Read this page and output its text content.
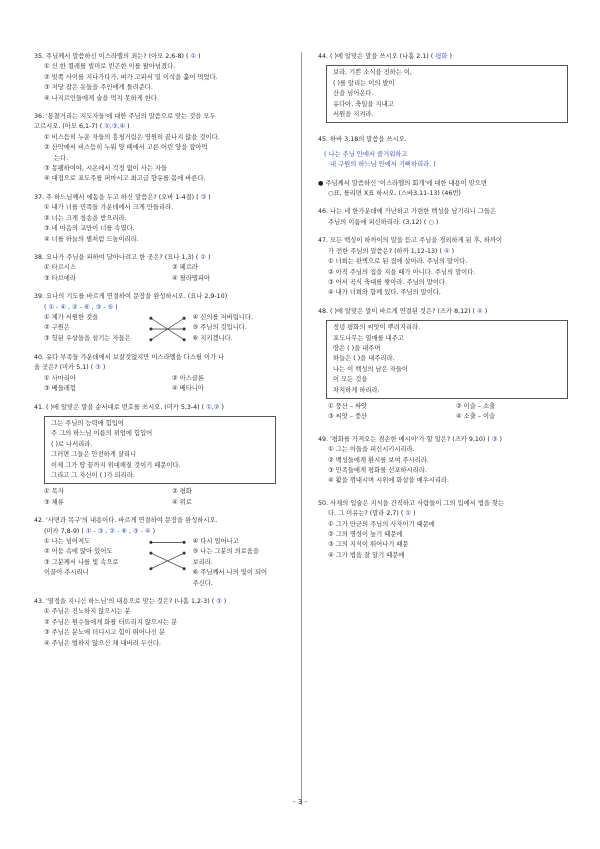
35. 주님께서 말씀하신 이스라엘의 죄는? (아모 2,6-8) ( ① )
① 신 한 켤레를 빌미로 빈곤한 이를 팔아넘겼다.
② 빚쪽 사이를 지나가다가, 벼가 고파서 밀 이삭을 훑어 먹었다.
③ 저당 잡은 옷들을 주인에게 돌려준다.
④ 나지르인들에게 술을 먹지 못하게 한다.
36. '통찰거리는 지도자들'에 대한 주님의 말씀으로 맞는 것을 모두
고르시오. (아모 6,1-7) ( ①,③,④ )
① 비스듬히 누운 자들의 흥청거림은 영원히 끝나지 않을 것이다.
② 산막에서 비스듬히 누워 양 떼에서 고른 어린 양을 잡아먹
는다.
③ 몽팽하여야, 시온에서 걱정 없이 사는 자들
④ 대접으로 포도주를 퍼마시고 최고급 향유를 몸에 바른다.
37. 주 하느님께서 에돔을 두고 하신 말씀은? (오바 1-4절) ( ③ )
① 내가 너를 민족들 가운데에서 크게 만들리라.
② 너는 크게 칭송을 받으리라.
③ 네 마음의 교만이 너를 속였다.
④ 너를 하늘의 별처럼 드높이리라.
38. 요나가 주님을 피하여 달아나려고 한 곳은? (요나 1,3) ( ① )
① 타르시스	② 페르라
③ 타브에라	④ 필라델피아
39. 요나의 기도를 바르게 연결하여 문장을 완성하시오. (요나 2,9-10)
( ① - ④ , ② - ⑥ , ③ - ⑤ )
① 제가 서원한 것을
② 구원은
③ 헛된 우상들을 섬기는 자들은
④ 신의를 저버립니다.
⑤ 주님의 것입니다.
⑥ 지키겠니다.
40. 유다 부족들 가운데에서 보잘것없지만 이스라엘을 다스릴 이가 나
올 곳은? (미카 5,1) ( ③ )
① 사마리아	② 아스클론
③ 베들레험	④ 베타니아
41. ( )에 알맞은 말을 순서대로 번호를 쓰시오. (미카 5,3-4) ( ①,② )
그는 주님의 능력에 힘입어
주 그의 하느님 이름의 위엄에 힘입어
( )로 나서리라.
그러면 그들은 안전하게 살리니
이제 그가 땅 끝까지 위대해질 것이기 때문이다.
그리고 그 자신이 ( )가 되리라.
① 목자	② 평화
③ 체류	④ 위로
42. '사면과 목구'의 내용이다. 바르게 연결하여 문장을 완성하시오.
(미카 7,8-9) ( ① - ③ , ② - ⑥ , ③ - ④ )
① 나는 넘어져도
② 어둠 속에 앉아 있어도
③ 그분께서 나를 빛 속으로
이끌어 주시리니
④ 다시 일어나고
⑤ 나는 그분의 의로움을
보리라.
⑥ 주님께서 나의 빛이 되어
주신다.
43. '열정을 지니신 하느님'의 내용으로 맞는 것은? (나훔 1,2-3) ( ③ )
① 주님은 진노하지 않으시는 분
② 주님은 원수들에게 화를 터뜨리지 않으시는 분
③ 주님은 분노에 더디시고 힘이 뛰어나신 분
④ 주님은 벌하지 않으신 채 내버려 두신다.
44. ( )에 알맞은 말을 쓰시오 (나훔 2,1) ( 평화 )
보라, 기쁜 소식을 전하는 이,
( )를 알리는 이의 발이
산을 넘어온다.
유다아, 축일을 지내고
서원을 지켜라.
45. 하바 3,18의 말씀을 쓰시오.
( 나는 주님 안에서 즐거워하고
내 구원의 하느님 안에서 기뻐하리라. )
● 주님께서 말씀하신 '이스라엘의 회개'에 대한 내용이 맞으면
○표, 틀리면 X표 하시오. (스바3,11-13) (46번)
46. 나는 네 한가운데에 가난하고 가련한 백성을 남기리니 그들은
주님의 이름에 피신하리라. (3,12) ( ○ )
47. 모든 백성이 하까이의 말을 듣고 주님을 경외하게 된 후, 하까이
가 전한 주님의 말씀은? (하까 1,12-13) ( ④ )
① 너희는 판벽으로 된 집에 살아라. 주님의 말이다.
② 아직 주님의 집을 지을 때가 아니다. 주님의 말이다.
③ 어서 곡식 축대를 쌓아라. 주님의 말이다.
④ 내가 너희와 함께 있다. 주님의 말이다.
48. ( )에 알맞은 말이 바르게 연결된 것은? (즈카 8,12) ( ④ )
정녕 평화의 씨앗이 뿌려지리라.
포도나무는 열매를 내주고
땅은 ( )을 내주며
하늘은 ( )을 내주리라.
나는 이 백성의 남은 자들이
이 모든 것을
차지하게 하리라.
① 풍산 – 싸앗	② 이슬 – 소출
③ 씨앗 – 풍산	④ 소출 – 이슬
49. '평화를 가져오는 겸손한 메시아'가 할 일은? (즈카 9,10) ( ③ )
① 그는 이들을 피신시키시리라.
② 백성들에게 환시를 보여 주시리라.
③ 민족들에게 평화를 선포하시리라.
④ 활을 꺾내시며 시위에 화살을 메우시리라.
50. 사제의 입술은 지식을 간직하고 사람들이 그의 입에서 법을 찾는
다. 그 이유는? (말라 2,7) ( ① )
① 그가 만군의 주님의 사자이기 때문에
② 그의 명성이 높기 때문에
③ 그의 지식이 뛰어나기 때문
④ 그가 법을 잘 알기 때문에
- 3 -
